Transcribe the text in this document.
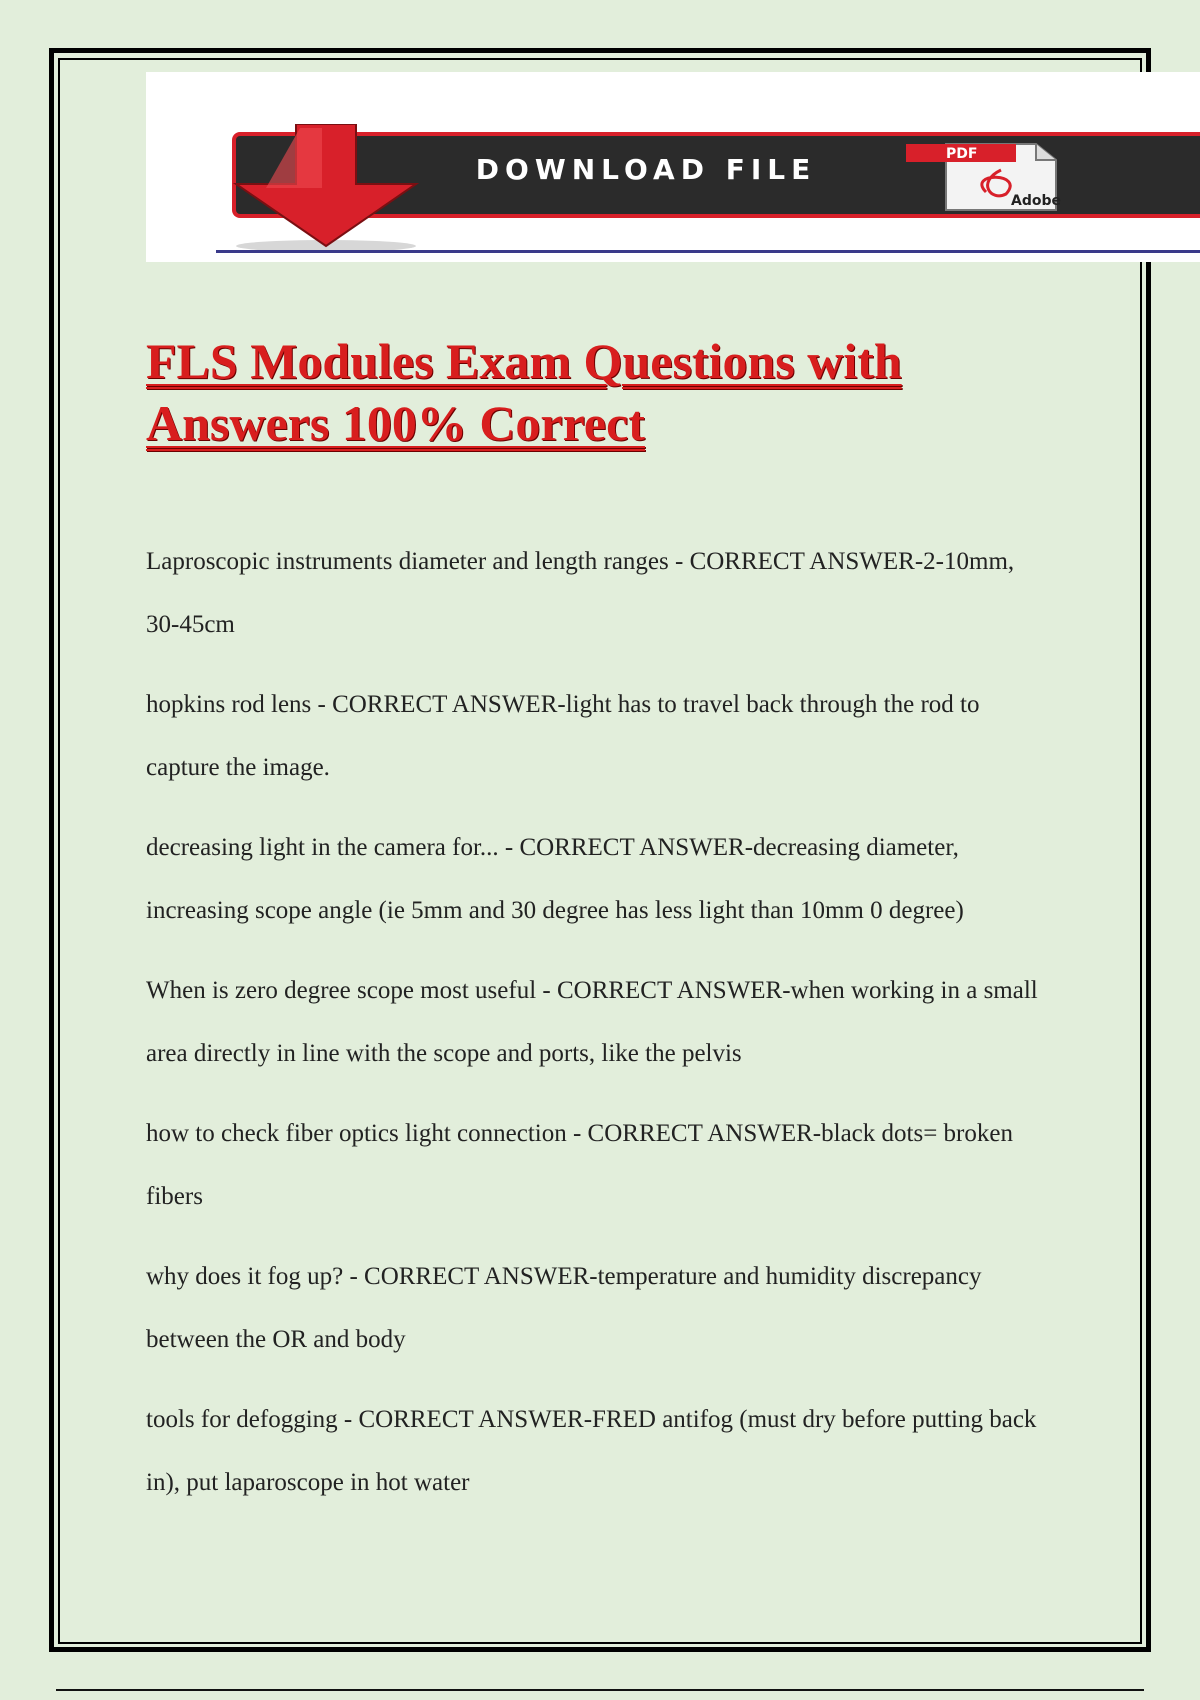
DOWNLOAD FILE	PDF
Adobe
FLS Modules Exam Questions with Answers 100% Correct
Laproscopic instruments diameter and length ranges - CORRECT ANSWER-2-10mm, 30-45cm
hopkins rod lens - CORRECT ANSWER-light has to travel back through the rod to capture the image.
decreasing light in the camera for... - CORRECT ANSWER-decreasing diameter, increasing scope angle (ie 5mm and 30 degree has less light than 10mm 0 degree)
When is zero degree scope most useful - CORRECT ANSWER-when working in a small area directly in line with the scope and ports, like the pelvis
how to check fiber optics light connection - CORRECT ANSWER-black dots= broken fibers
why does it fog up? - CORRECT ANSWER-temperature and humidity discrepancy between the OR and body
tools for defogging - CORRECT ANSWER-FRED antifog (must dry before putting back in), put laparoscope in hot water
